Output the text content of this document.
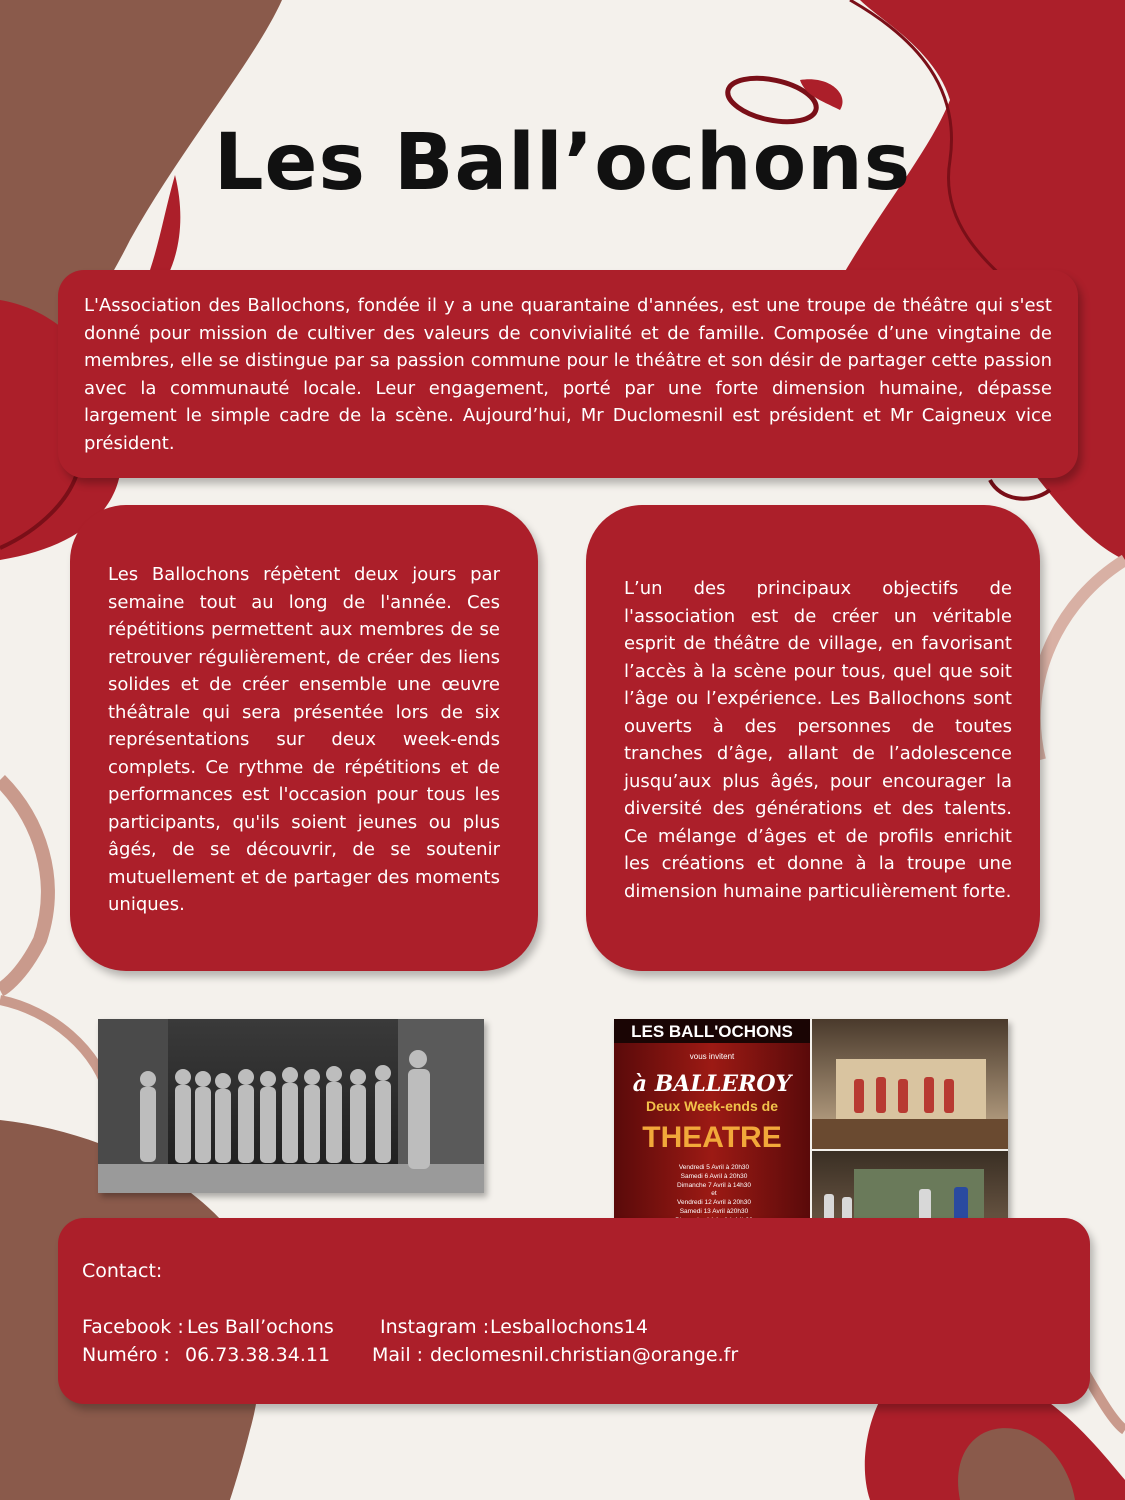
Les Ball’ochons

L'Association des Ballochons, fondée il y a une quarantaine d'années, est une troupe de théâtre qui s'est donné pour mission de cultiver des valeurs de convivialité et de famille. Composée d’une vingtaine de membres, elle se distingue par sa passion commune pour le théâtre et son désir de partager cette passion avec la communauté locale. Leur engagement, porté par une forte dimension humaine, dépasse largement le simple cadre de la scène. Aujourd’hui, Mr Duclomesnil est président et Mr Caigneux vice président.

Les Ballochons répètent deux jours par semaine tout au long de l'année. Ces répétitions permettent aux membres de se retrouver régulièrement, de créer des liens solides et de créer ensemble une œuvre théâtrale qui sera présentée lors de six représentations sur deux week-ends complets. Ce rythme de répétitions et de performances est l'occasion pour tous les participants, qu'ils soient jeunes ou plus âgés, de se découvrir, de se soutenir mutuellement et de partager des moments uniques.

L’un des principaux objectifs de l'association est de créer un véritable esprit de théâtre de village, en favorisant l’accès à la scène pour tous, quel que soit l’âge ou l’expérience. Les Ballochons sont ouverts à des personnes de toutes tranches d’âge, allant de l’adolescence jusqu’aux plus âgés, pour encourager la diversité des générations et des talents. Ce mélange d’âges et de profils enrichit les créations et donne à la troupe une dimension humaine particulièrement forte.

LES BALL'OCHONS
vous invitent
à BALLEROY
Deux Week-ends de
THEATRE
Vendredi 5 Avril à 20h30
Samedi 6 Avril à 20h30
Dimanche 7 Avril à 14h30
et
Vendredi 12 Avril à 20h30
Samedi 13 Avril à20h30
Contact:
Facebook : Les Ball’ochons Instagram : Lesballochons14
Numéro : 06.73.38.34.11 Mail : declomesnil.christian@orange.fr
